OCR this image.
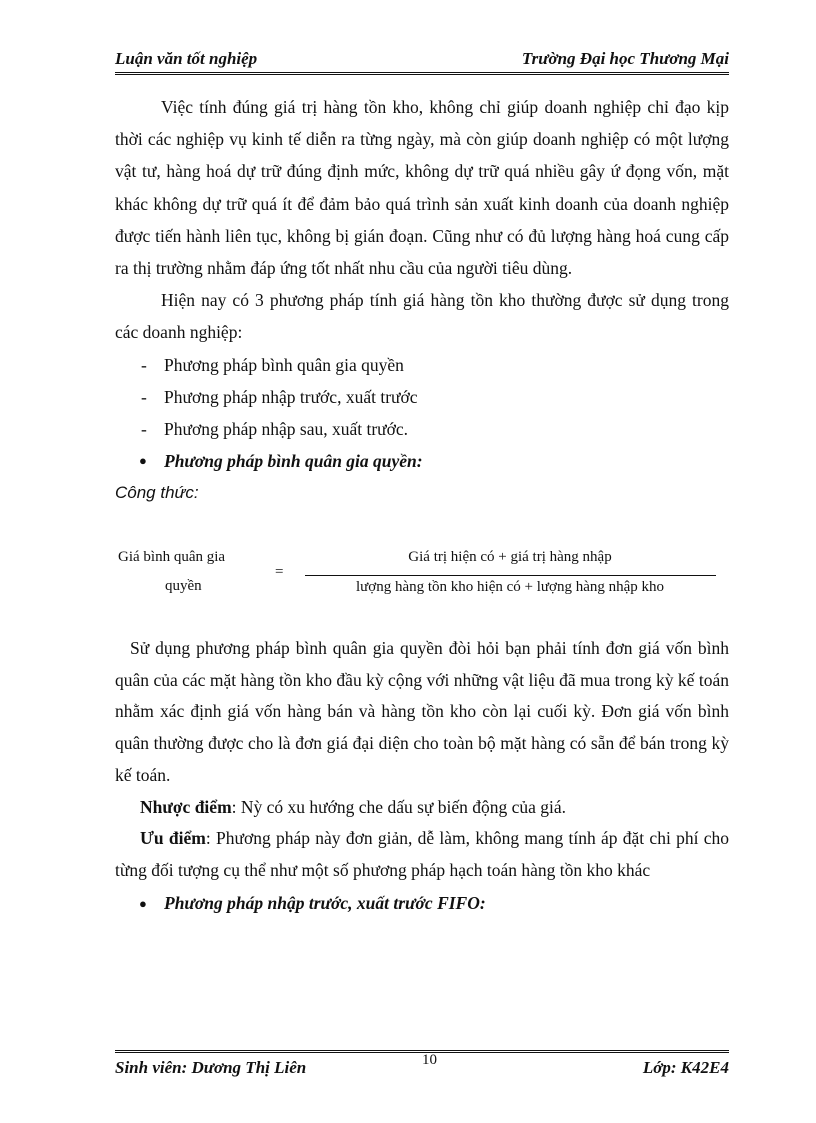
Luận văn tốt nghiệp	Trường Đại học Thương Mại

Việc tính đúng giá trị hàng tồn kho, không chỉ giúp doanh nghiệp chỉ đạo kịp thời các nghiệp vụ kinh tế diễn ra từng ngày, mà còn giúp doanh nghiệp có một lượng vật tư, hàng hoá dự trữ đúng định mức, không dự trữ quá nhiều gây ứ đọng vốn, mặt khác không dự trữ quá ít để đảm bảo quá trình sản xuất kinh doanh của doanh nghiệp được tiến hành liên tục, không bị gián đoạn. Cũng như có đủ lượng hàng hoá cung cấp ra thị trường nhằm đáp ứng tốt nhất nhu cầu của người tiêu dùng.

Hiện nay có 3 phương pháp tính giá hàng tồn kho thường được sử dụng trong các doanh nghiệp:

- Phương pháp bình quân gia quyền

- Phương pháp nhập trước, xuất trước

- Phương pháp nhập sau, xuất trước.

● Phương pháp bình quân gia quyền:

Công thức:

Giá bình quân gia
quyền
=
Giá trị hiện có + giá trị hàng nhập
lượng hàng tồn kho hiện có + lượng hàng nhập kho

Sử dụng phương pháp bình quân gia quyền đòi hỏi bạn phải tính đơn giá vốn bình quân của các mặt hàng tồn kho đầu kỳ cộng với những vật liệu đã mua trong kỳ kế toán nhằm xác định giá vốn hàng bán và hàng tồn kho còn lại cuối kỳ. Đơn giá vốn bình quân thường được cho là đơn giá đại diện cho toàn bộ mặt hàng có sẵn để bán trong kỳ kế toán.

Nhược điểm: Nỳ có xu hướng che dấu sự biến động của giá.

Ưu điểm: Phương pháp này đơn giản, dễ làm, không mang tính áp đặt chi phí cho từng đối tượng cụ thể như một số phương pháp hạch toán hàng tồn kho khác

● Phương pháp nhập trước, xuất trước FIFO:

Sinh viên: Dương Thị Liên	10	Lớp: K42E4
